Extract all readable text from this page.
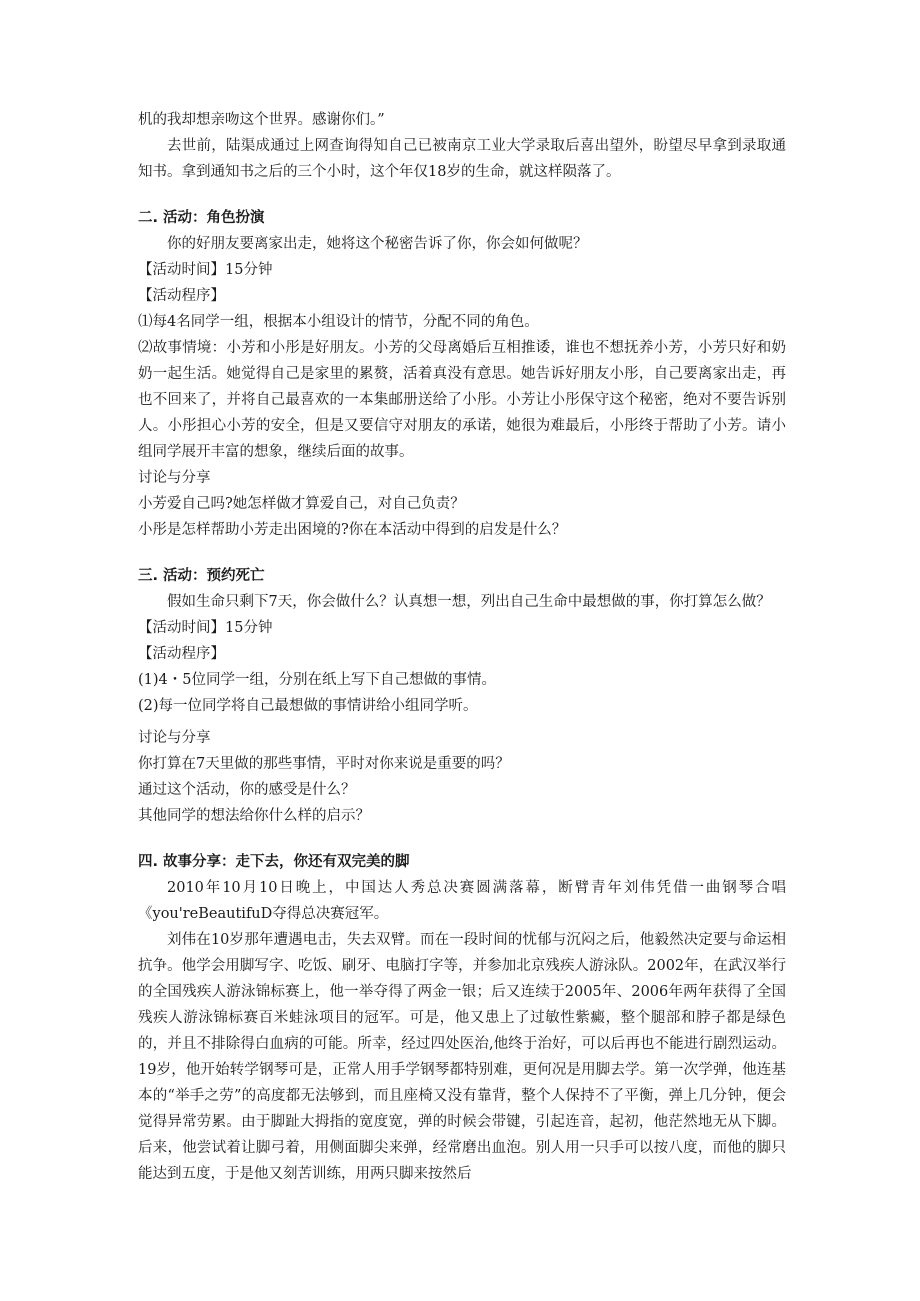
机的我却想亲吻这个世界。感谢你们。”

去世前，陆渠成通过上网查询得知自己已被南京工业大学录取后喜出望外，盼望尽早拿到录取通知书。拿到通知书之后的三个小时，这个年仅18岁的生命，就这样陨落了。

二. 活动：角色扮演

你的好朋友要离家出走，她将这个秘密告诉了你，你会如何做呢？

【活动时间】15分钟

【活动程序】

⑴每4名同学一组，根据本小组设计的情节，分配不同的角色。

⑵故事情境：小芳和小彤是好朋友。小芳的父母离婚后互相推诿，谁也不想抚养小芳，小芳只好和奶奶一起生活。她觉得自己是家里的累赘，活着真没有意思。她告诉好朋友小彤，自己要离家出走，再也不回来了，并将自己最喜欢的一本集邮册送给了小彤。小芳让小彤保守这个秘密，绝对不要告诉别人。小彤担心小芳的安全，但是又要信守对朋友的承诺，她很为难最后，小彤终于帮助了小芳。请小组同学展开丰富的想象，继续后面的故事。

讨论与分享

小芳爱自己吗?她怎样做才算爱自己，对自己负责？

小彤是怎样帮助小芳走出困境的?你在本活动中得到的启发是什么？

三. 活动：预约死亡

假如生命只剩下7天，你会做什么？认真想一想，列出自己生命中最想做的事，你打算怎么做？

【活动时间】15分钟

【活动程序】

(1)4・5位同学一组，分别在纸上写下自己想做的事情。

(2)每一位同学将自己最想做的事情讲给小组同学听。

讨论与分享

你打算在7天里做的那些事情，平时对你来说是重要的吗？

通过这个活动，你的感受是什么？

其他同学的想法给你什么样的启示？

四. 故事分享：走下去，你还有双完美的脚

2010年10月10日晚上，中国达人秀总决赛圆满落幕，断臂青年刘伟凭借一曲钢琴合唱《you'reBeautifuD夺得总决赛冠军。

刘伟在10岁那年遭遇电击，失去双臂。而在一段时间的忧郁与沉闷之后，他毅然决定要与命运相抗争。他学会用脚写字、吃饭、刷牙、电脑打字等，并参加北京残疾人游泳队。2002年，在武汉举行的全国残疾人游泳锦标赛上，他一举夺得了两金一银；后又连续于2005年、2006年两年获得了全国残疾人游泳锦标赛百米蛙泳项目的冠军。可是，他又患上了过敏性紫癜，整个腿部和脖子都是绿色的，并且不排除得白血病的可能。所幸，经过四处医治,他终于治好，可以后再也不能进行剧烈运动。19岁，他开始转学钢琴可是，正常人用手学钢琴都特别难，更何况是用脚去学。第一次学弹，他连基本的“举手之劳”的高度都无法够到，而且座椅又没有靠背，整个人保持不了平衡，弹上几分钟，便会觉得异常劳累。由于脚趾大拇指的宽度宽，弹的时候会带键，引起连音，起初，他茫然地无从下脚。后来，他尝试着让脚弓着，用侧面脚尖来弹，经常磨出血泡。别人用一只手可以按八度，而他的脚只能达到五度，于是他又刻苦训练，用两只脚来按然后
